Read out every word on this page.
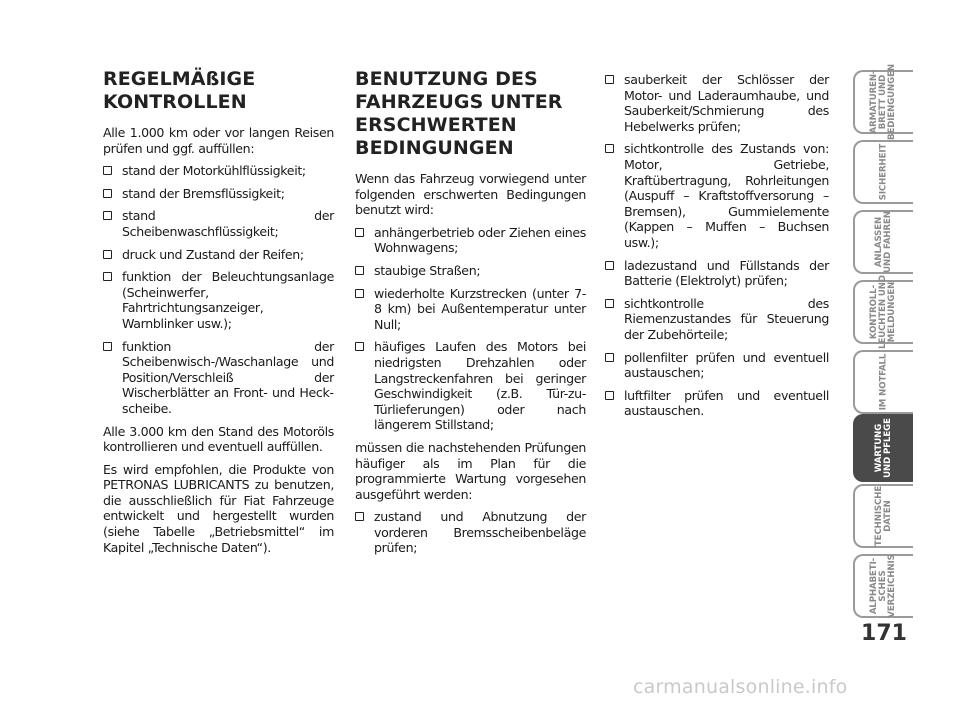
REGELMÄßIGE KONTROLLEN

Alle 1.000 km oder vor langen Reisen prüfen und ggf. auffüllen:

stand der Motorkühlflüssigkeit;
stand der Bremsflüssigkeit;
stand der Scheibenwaschflüssigkeit;
druck und Zustand der Reifen;
funktion der Beleuchtungsanlage (Scheinwerfer, Fahrtrichtungsanzeiger, Warnblinker usw.);
funktion der Scheibenwisch-/Waschanlage und Position/Verschleiß der Wischerblätter an Front- und Heckscheibe.

Alle 3.000 km den Stand des Motoröls kontrollieren und eventuell auffüllen.

Es wird empfohlen, die Produkte von PETRONAS LUBRICANTS zu benutzen, die ausschließlich für Fiat Fahrzeuge entwickelt und hergestellt wurden (siehe Tabelle „Betriebsmittel“ im Kapitel „Technische Daten“).

BENUTZUNG DES FAHRZEUGS UNTER ERSCHWERTEN BEDINGUNGEN

Wenn das Fahrzeug vorwiegend unter folgenden erschwerten Bedingungen benutzt wird:

anhängerbetrieb oder Ziehen eines Wohnwagens;
staubige Straßen;
wiederholte Kurzstrecken (unter 7-8 km) bei Außentemperatur unter Null;
häufiges Laufen des Motors bei niedrigsten Drehzahlen oder Langstreckenfahren bei geringer Geschwindigkeit (z.B. Tür-zu-Türlieferungen) oder nach längerem Stillstand;

müssen die nachstehenden Prüfungen häufiger als im Plan für die programmierte Wartung vorgesehen ausgeführt werden:

zustand und Abnutzung der vorderen Bremsscheibenbeläge prüfen;
sauberkeit der Schlösser der Motor- und Laderaumhaube, und Sauberkeit/Schmierung des Hebelwerks prüfen;
sichtkontrolle des Zustands von: Motor, Getriebe, Kraftübertragung, Rohrleitungen (Auspuff – Kraftstoffversorung – Bremsen), Gummielemente (Kappen – Muffen – Buchsen usw.);
ladezustand und Füllstands der Batterie (Elektrolyt) prüfen;
sichtkontrolle des Riemenzustandes für Steuerung der Zubehörteile;
pollenfilter prüfen und eventuell austauschen;
luftfilter prüfen und eventuell austauschen.
ARMATUREN-
BRETT UND
BEDIENGUNGEN
SICHERHEIT
ANLASSEN
UND FAHREN
KONTROLL-
LEUCHTEN UND
MELDUNGEN
IM NOTFALL
WARTUNG
UND PFLEGE
TECHNISCHE
DATEN
ALPHABETI-
SCHES
VERZEICHNIS
171
carmanualsonline.info
